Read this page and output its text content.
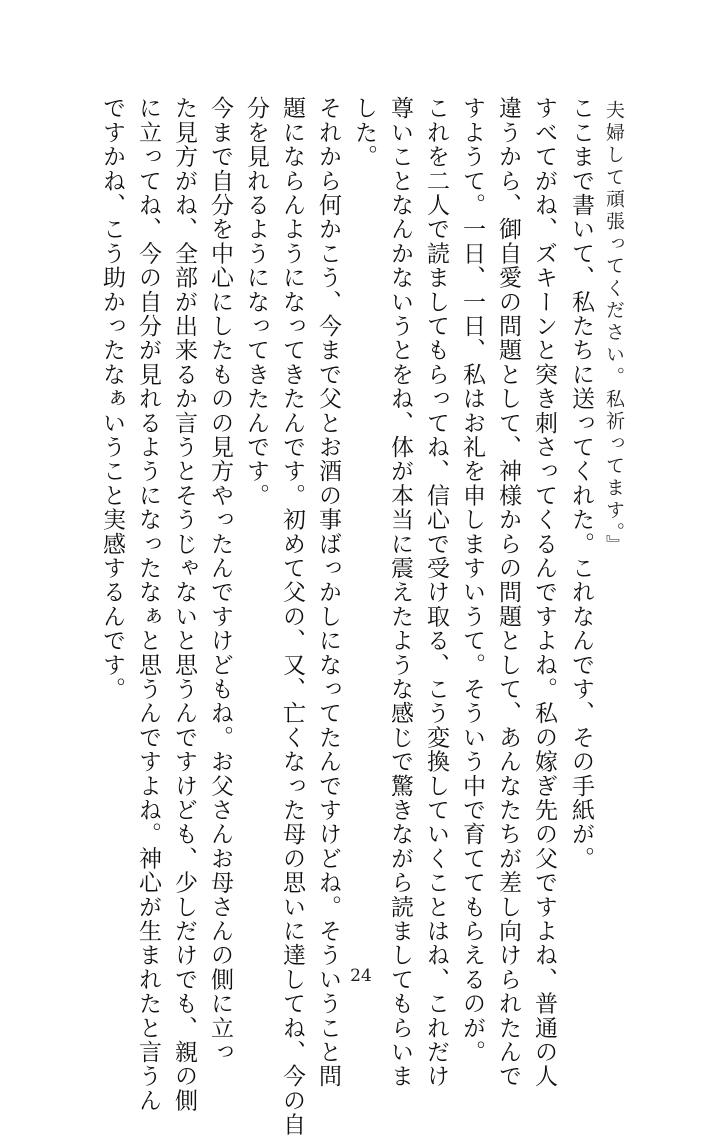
夫婦して頑張ってください。私祈ってます。』
ここまで書いて、私たちに送ってくれた。これなんです、その手紙が。
すべてがね、ズキーンと突き刺さってくるんですよね。私の嫁ぎ先の父ですよね、普通の人
違うから、御自愛の問題として、神様からの問題として、あんなたちが差し向けられたんで
すようて。一日、一日、私はお礼を申しますいうて。そういう中で育ててもらえるのが。
これを二人で読ましてもらってね、信心で受け取る、こう変換していくことはね、これだけ
尊いことなんかないうとをね、体が本当に震えたような感じで驚きながら読ましてもらいま
した。
それから何かこう、今まで父とお酒の事ばっかしになってたんですけどね。そういうこと問
題にならんようになってきたんです。初めて父の、又、亡くなった母の思いに達してね、今の自
分を見れるようになってきたんです。
今まで自分を中心にしたものの見方やったんですけどもね。お父さんお母さんの側に立っ
た見方がね、全部が出来るか言うとそうじゃないと思うんですけども、少しだけでも、親の側
に立ってね、今の自分が見れるようになったなぁと思うんですよね。神心が生まれたと言うん
ですかね、こう助かったなぁいうこと実感するんです。
24
